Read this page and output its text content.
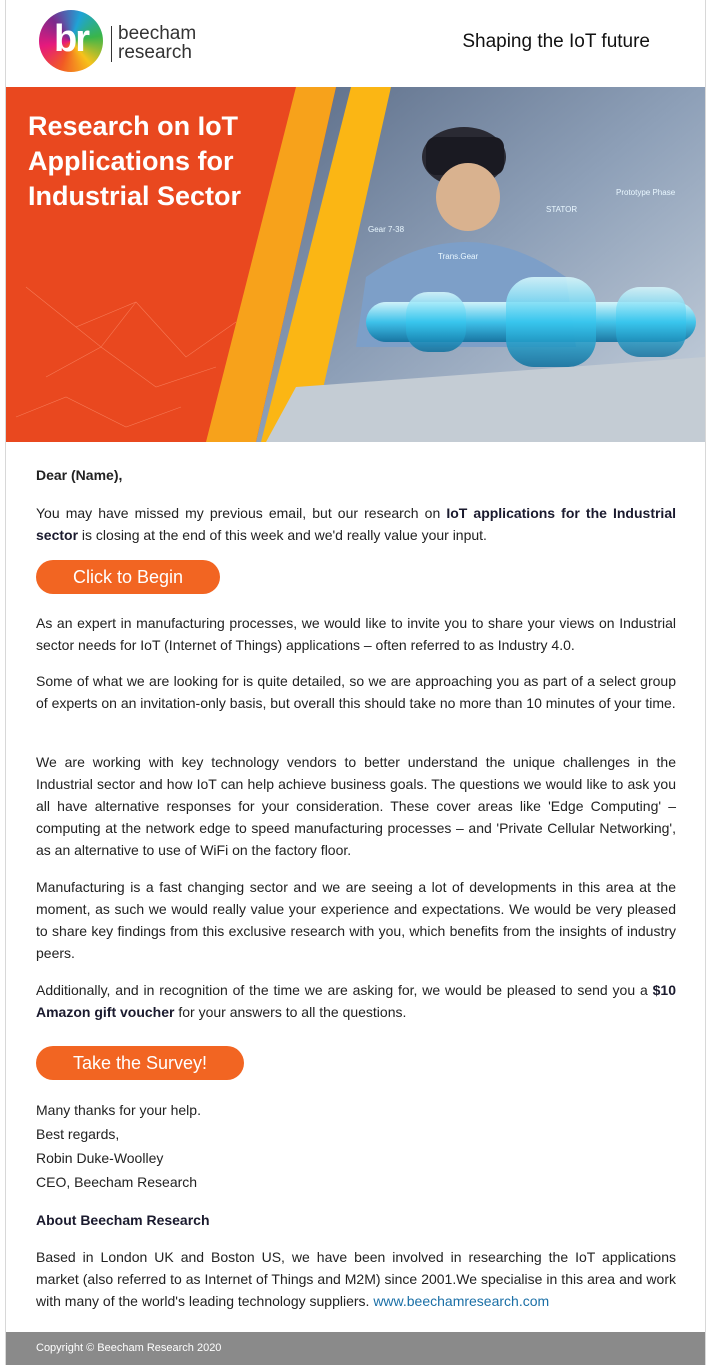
br	beecham
research
Shaping the IoT future
Gear 7-38
Trans.Gear
STATOR
Prototype Phase
Research on IoT Applications for Industrial Sector

Dear (Name),

You may have missed my previous email, but our research on IoT applications for the Industrial sector is closing at the end of this week and we'd really value your input.

Click to Begin

As an expert in manufacturing processes, we would like to invite you to share your views on Industrial sector needs for IoT (Internet of Things) applications – often referred to as Industry 4.0.

Some of what we are looking for is quite detailed, so we are approaching you as part of a select group of experts on an invitation-only basis, but overall this should take no more than 10 minutes of your time.

We are working with key technology vendors to better understand the unique challenges in the Industrial sector and how IoT can help achieve business goals. The questions we would like to ask you all have alternative responses for your consideration. These cover areas like 'Edge Computing' – computing at the network edge to speed manufacturing processes – and 'Private Cellular Networking', as an alternative to use of WiFi on the factory floor.

Manufacturing is a fast changing sector and we are seeing a lot of developments in this area at the moment, as such we would really value your experience and expectations. We would be very pleased to share key findings from this exclusive research with you, which benefits from the insights of industry peers.

Additionally, and in recognition of the time we are asking for, we would be pleased to send you a $10 Amazon gift voucher for your answers to all the questions.

Take the Survey!

Many thanks for your help.

Best regards,

Robin Duke-Woolley

CEO, Beecham Research

About Beecham Research

Based in London UK and Boston US, we have been involved in researching the IoT applications market (also referred to as Internet of Things and M2M) since 2001.We specialise in this area and work with many of the world's leading technology suppliers. www.beechamresearch.com

Copyright © Beecham Research 2020
